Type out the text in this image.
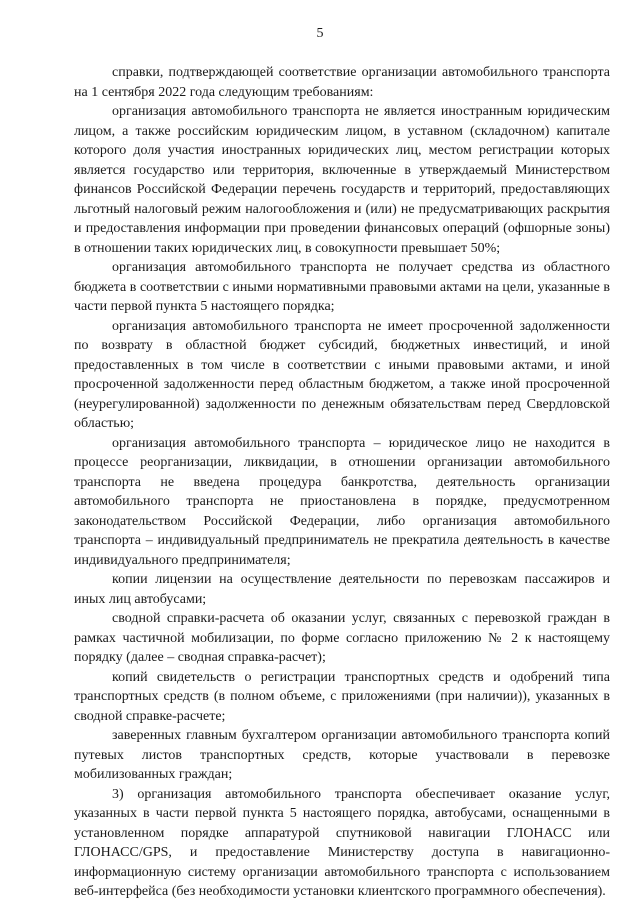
5

справки, подтверждающей соответствие организации автомобильного транспорта на 1 сентября 2022 года следующим требованиям:

организация автомобильного транспорта не является иностранным юридическим лицом, а также российским юридическим лицом, в уставном (складочном) капитале которого доля участия иностранных юридических лиц, местом регистрации которых является государство или территория, включенные в утверждаемый Министерством финансов Российской Федерации перечень государств и территорий, предоставляющих льготный налоговый режим налогообложения и (или) не предусматривающих раскрытия и предоставления информации при проведении финансовых операций (офшорные зоны) в отношении таких юридических лиц, в совокупности превышает 50%;

организация автомобильного транспорта не получает средства из областного бюджета в соответствии с иными нормативными правовыми актами на цели, указанные в части первой пункта 5 настоящего порядка;

организация автомобильного транспорта не имеет просроченной задолженности по возврату в областной бюджет субсидий, бюджетных инвестиций, и иной предоставленных в том числе в соответствии с иными правовыми актами, и иной просроченной задолженности перед областным бюджетом, а также иной просроченной (неурегулированной) задолженности по денежным обязательствам перед Свердловской областью;

организация автомобильного транспорта – юридическое лицо не находится в процессе реорганизации, ликвидации, в отношении организации автомобильного транспорта не введена процедура банкротства, деятельность организации автомобильного транспорта не приостановлена в порядке, предусмотренном законодательством Российской Федерации, либо организация автомобильного транспорта – индивидуальный предприниматель не прекратила деятельность в качестве индивидуального предпринимателя;

копии лицензии на осуществление деятельности по перевозкам пассажиров и иных лиц автобусами;

сводной справки-расчета об оказании услуг, связанных с перевозкой граждан в рамках частичной мобилизации, по форме согласно приложению № 2 к настоящему порядку (далее – сводная справка-расчет);

копий свидетельств о регистрации транспортных средств и одобрений типа транспортных средств (в полном объеме, с приложениями (при наличии)), указанных в сводной справке-расчете;

заверенных главным бухгалтером организации автомобильного транспорта копий путевых листов транспортных средств, которые участвовали в перевозке мобилизованных граждан;

3) организация автомобильного транспорта обеспечивает оказание услуг, указанных в части первой пункта 5 настоящего порядка, автобусами, оснащенными в установленном порядке аппаратурой спутниковой навигации ГЛОНАСС или ГЛОНАСС/GPS, и предоставление Министерству доступа в навигационно-информационную систему организации автомобильного транспорта с использованием веб-интерфейса (без необходимости установки клиентского программного обеспечения).
